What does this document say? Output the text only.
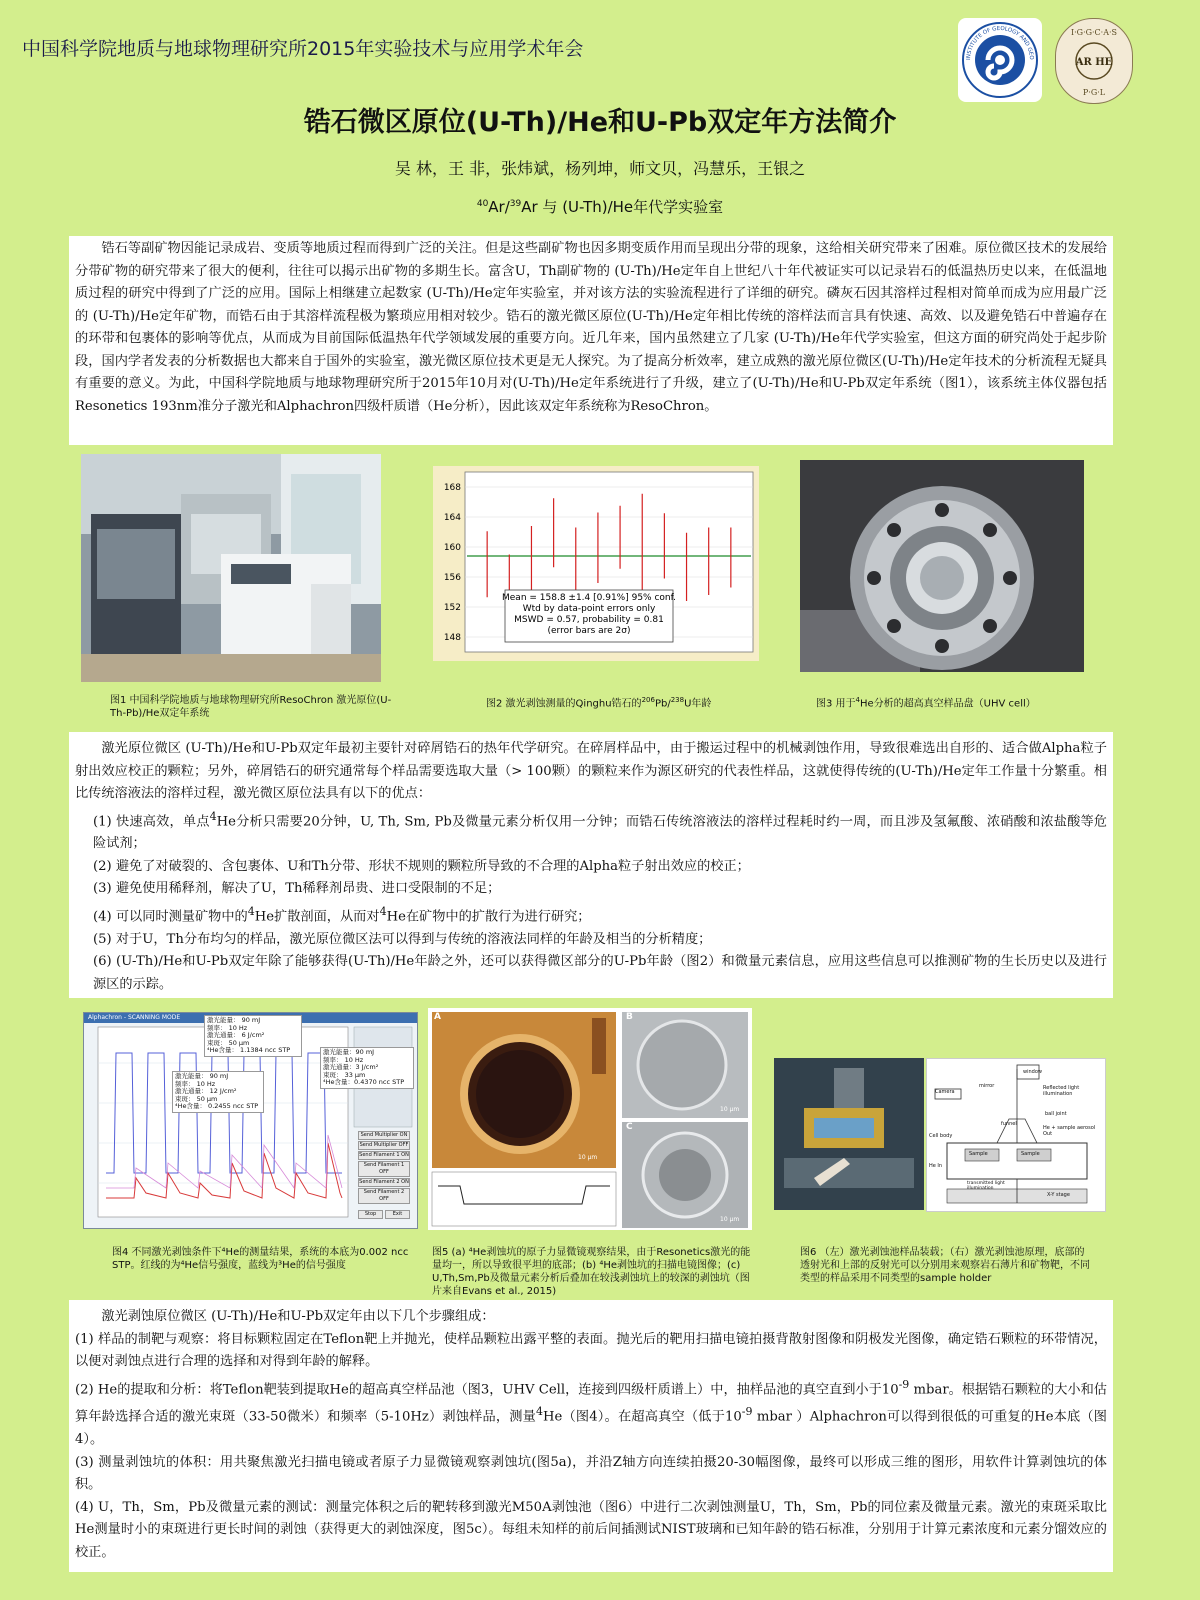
中国科学院地质与地球物理研究所2015年实验技术与应用学术年会	INSTITUTE OF GEOLOGY AND GEO
I·G·G·C·A·S
AR HE
P·G·L
锆石微区原位(U-Th)/He和U-Pb双定年方法简介
吴 林，王 非，张炜斌，杨列坤，师文贝，冯慧乐，王银之
$^{40}$Ar/$^{39}$Ar 与 (U-Th)/He年代学实验室
锆石等副矿物因能记录成岩、变质等地质过程而得到广泛的关注。但是这些副矿物也因多期变质作用而呈现出分带的现象，这给相关研究带来了困难。原位微区技术的发展给分带矿物的研究带来了很大的便利，往往可以揭示出矿物的多期生长。富含U，Th副矿物的 (U-Th)/He定年自上世纪八十年代被证实可以记录岩石的低温热历史以来，在低温地质过程的研究中得到了广泛的应用。国际上相继建立起数家 (U-Th)/He定年实验室，并对该方法的实验流程进行了详细的研究。磷灰石因其溶样过程相对简单而成为应用最广泛的 (U-Th)/He定年矿物，而锆石由于其溶样流程极为繁琐应用相对较少。锆石的激光微区原位(U-Th)/He定年相比传统的溶样法而言具有快速、高效、以及避免锆石中普遍存在的环带和包裹体的影响等优点，从而成为目前国际低温热年代学领域发展的重要方向。近几年来，国内虽然建立了几家 (U-Th)/He年代学实验室，但这方面的研究尚处于起步阶段，国内学者发表的分析数据也大都来自于国外的实验室，激光微区原位技术更是无人探究。为了提高分析效率，建立成熟的激光原位微区(U-Th)/He定年技术的分析流程无疑具有重要的意义。为此，中国科学院地质与地球物理研究所于2015年10月对(U-Th)/He定年系统进行了升级，建立了(U-Th)/He和U-Pb双定年系统（图1），该系统主体仪器包括Resonetics 193nm准分子激光和Alphachron四级杆质谱（He分析），因此该双定年系统称为ResoChron。
148
152
156
160
164
168
Mean = 158.8 ±1.4 [0.91%] 95% conf.
Wtd by data-point errors only
MSWD = 0.57, probability = 0.81
(error bars are 2σ)
图1 中国科学院地质与地球物理研究所ResoChron 激光原位(U-Th-Pb)/He双定年系统
图2 激光剥蚀测量的Qinghu锆石的$^{206}$Pb/$^{238}$U年龄	图3 用于$^4$He分析的超高真空样品盘（UHV cell）
激光原位微区 (U-Th)/He和U-Pb双定年最初主要针对碎屑锆石的热年代学研究。在碎屑样品中，由于搬运过程中的机械剥蚀作用，导致很难选出自形的、适合做Alpha粒子射出效应校正的颗粒；另外，碎屑锆石的研究通常每个样品需要选取大量（> 100颗）的颗粒来作为源区研究的代表性样品，这就使得传统的(U-Th)/He定年工作量十分繁重。相比传统溶液法的溶样过程，激光微区原位法具有以下的优点：
(1) 快速高效，单点$^4$He分析只需要20分钟，U, Th, Sm, Pb及微量元素分析仅用一分钟；而锆石传统溶液法的溶样过程耗时约一周，而且涉及氢氟酸、浓硝酸和浓盐酸等危险试剂；
(2) 避免了对破裂的、含包裹体、U和Th分带、形状不规则的颗粒所导致的不合理的Alpha粒子射出效应的校正；
(3) 避免使用稀释剂，解决了U，Th稀释剂昂贵、进口受限制的不足；
(4) 可以同时测量矿物中的$^4$He扩散剖面，从而对$^4$He在矿物中的扩散行为进行研究；
(5) 对于U，Th分布均匀的样品，激光原位微区法可以得到与传统的溶液法同样的年龄及相当的分析精度；
(6) (U-Th)/He和U-Pb双定年除了能够获得(U-Th)/He年龄之外，还可以获得微区部分的U-Pb年龄（图2）和微量元素信息，应用这些信息可以推测矿物的生长历史以及进行源区的示踪。
Alphachron - SCANNING MODE	激光能量： 90 mJ
频率： 10 Hz
激光通量： 6 J/cm²
束斑： 50 μm
⁴He含量： 1.1384 ncc STP	激光能量：90 mJ
频率： 10 Hz
激光通量：3 J/cm²
束斑： 33 μm
⁴He含量：0.4370 ncc STP
激光能量： 90 mJ
频率： 10 Hz
激光通量： 12 J/cm²
束斑： 50 μm
⁴He含量： 0.2455 ncc STP
Send Multiplier ON
Send Multiplier OFF
Send Filament 1 ON
Send Filament 1 OFF
Send Filament 2 ON
Send Filament 2 OFF
Stop	Exit
A	B
C
10 μm
10 μm
10 μm
Camera
mirror	Reflected light illumination
ball joint
He + sample aerosol Out
He In
Sample	Sample
Cell body
transmitted light illumination
X-Y stage
funnel
window
图4 不同激光剥蚀条件下⁴He的测量结果，系统的本底为0.002 ncc STP。红线的为⁴He信号强度，蓝线为³He的信号强度
图5 (a) ⁴He剥蚀坑的原子力显微镜观察结果，由于Resonetics激光的能量均一，所以导致很平坦的底部；(b) ⁴He剥蚀坑的扫描电镜图像；(c) U,Th,Sm,Pb及微量元素分析后叠加在较浅剥蚀坑上的较深的剥蚀坑（图片来自Evans et al., 2015)
图6 （左）激光剥蚀池样品装载；（右）激光剥蚀池原理，底部的透射光和上部的反射光可以分别用来观察岩石薄片和矿物靶，不同类型的样品采用不同类型的sample holder
激光剥蚀原位微区 (U-Th)/He和U-Pb双定年由以下几个步骤组成：
(1) 样品的制靶与观察：将目标颗粒固定在Teflon靶上并抛光，使样品颗粒出露平整的表面。抛光后的靶用扫描电镜拍摄背散射图像和阴极发光图像，确定锆石颗粒的环带情况，以便对剥蚀点进行合理的选择和对得到年龄的解释。
(2) He的提取和分析：将Teflon靶装到提取He的超高真空样品池（图3，UHV Cell，连接到四级杆质谱上）中，抽样品池的真空直到小于$10^{-9}$ mbar。根据锆石颗粒的大小和估算年龄选择合适的激光束斑（33-50微米）和频率（5-10Hz）剥蚀样品，测量$^4$He（图4）。在超高真空（低于$10^{-9}$ mbar ）Alphachron可以得到很低的可重复的He本底（图4）。
(3) 测量剥蚀坑的体积：用共聚焦激光扫描电镜或者原子力显微镜观察剥蚀坑(图5a)，并沿Z轴方向连续拍摄20-30幅图像，最终可以形成三维的图形，用软件计算剥蚀坑的体积。
(4) U，Th，Sm，Pb及微量元素的测试：测量完体积之后的靶转移到激光M50A剥蚀池（图6）中进行二次剥蚀测量U，Th，Sm，Pb的同位素及微量元素。激光的束斑采取比He测量时小的束斑进行更长时间的剥蚀（获得更大的剥蚀深度，图5c）。每组未知样的前后间插测试NIST玻璃和已知年龄的锆石标准，分别用于计算元素浓度和元素分馏效应的校正。
